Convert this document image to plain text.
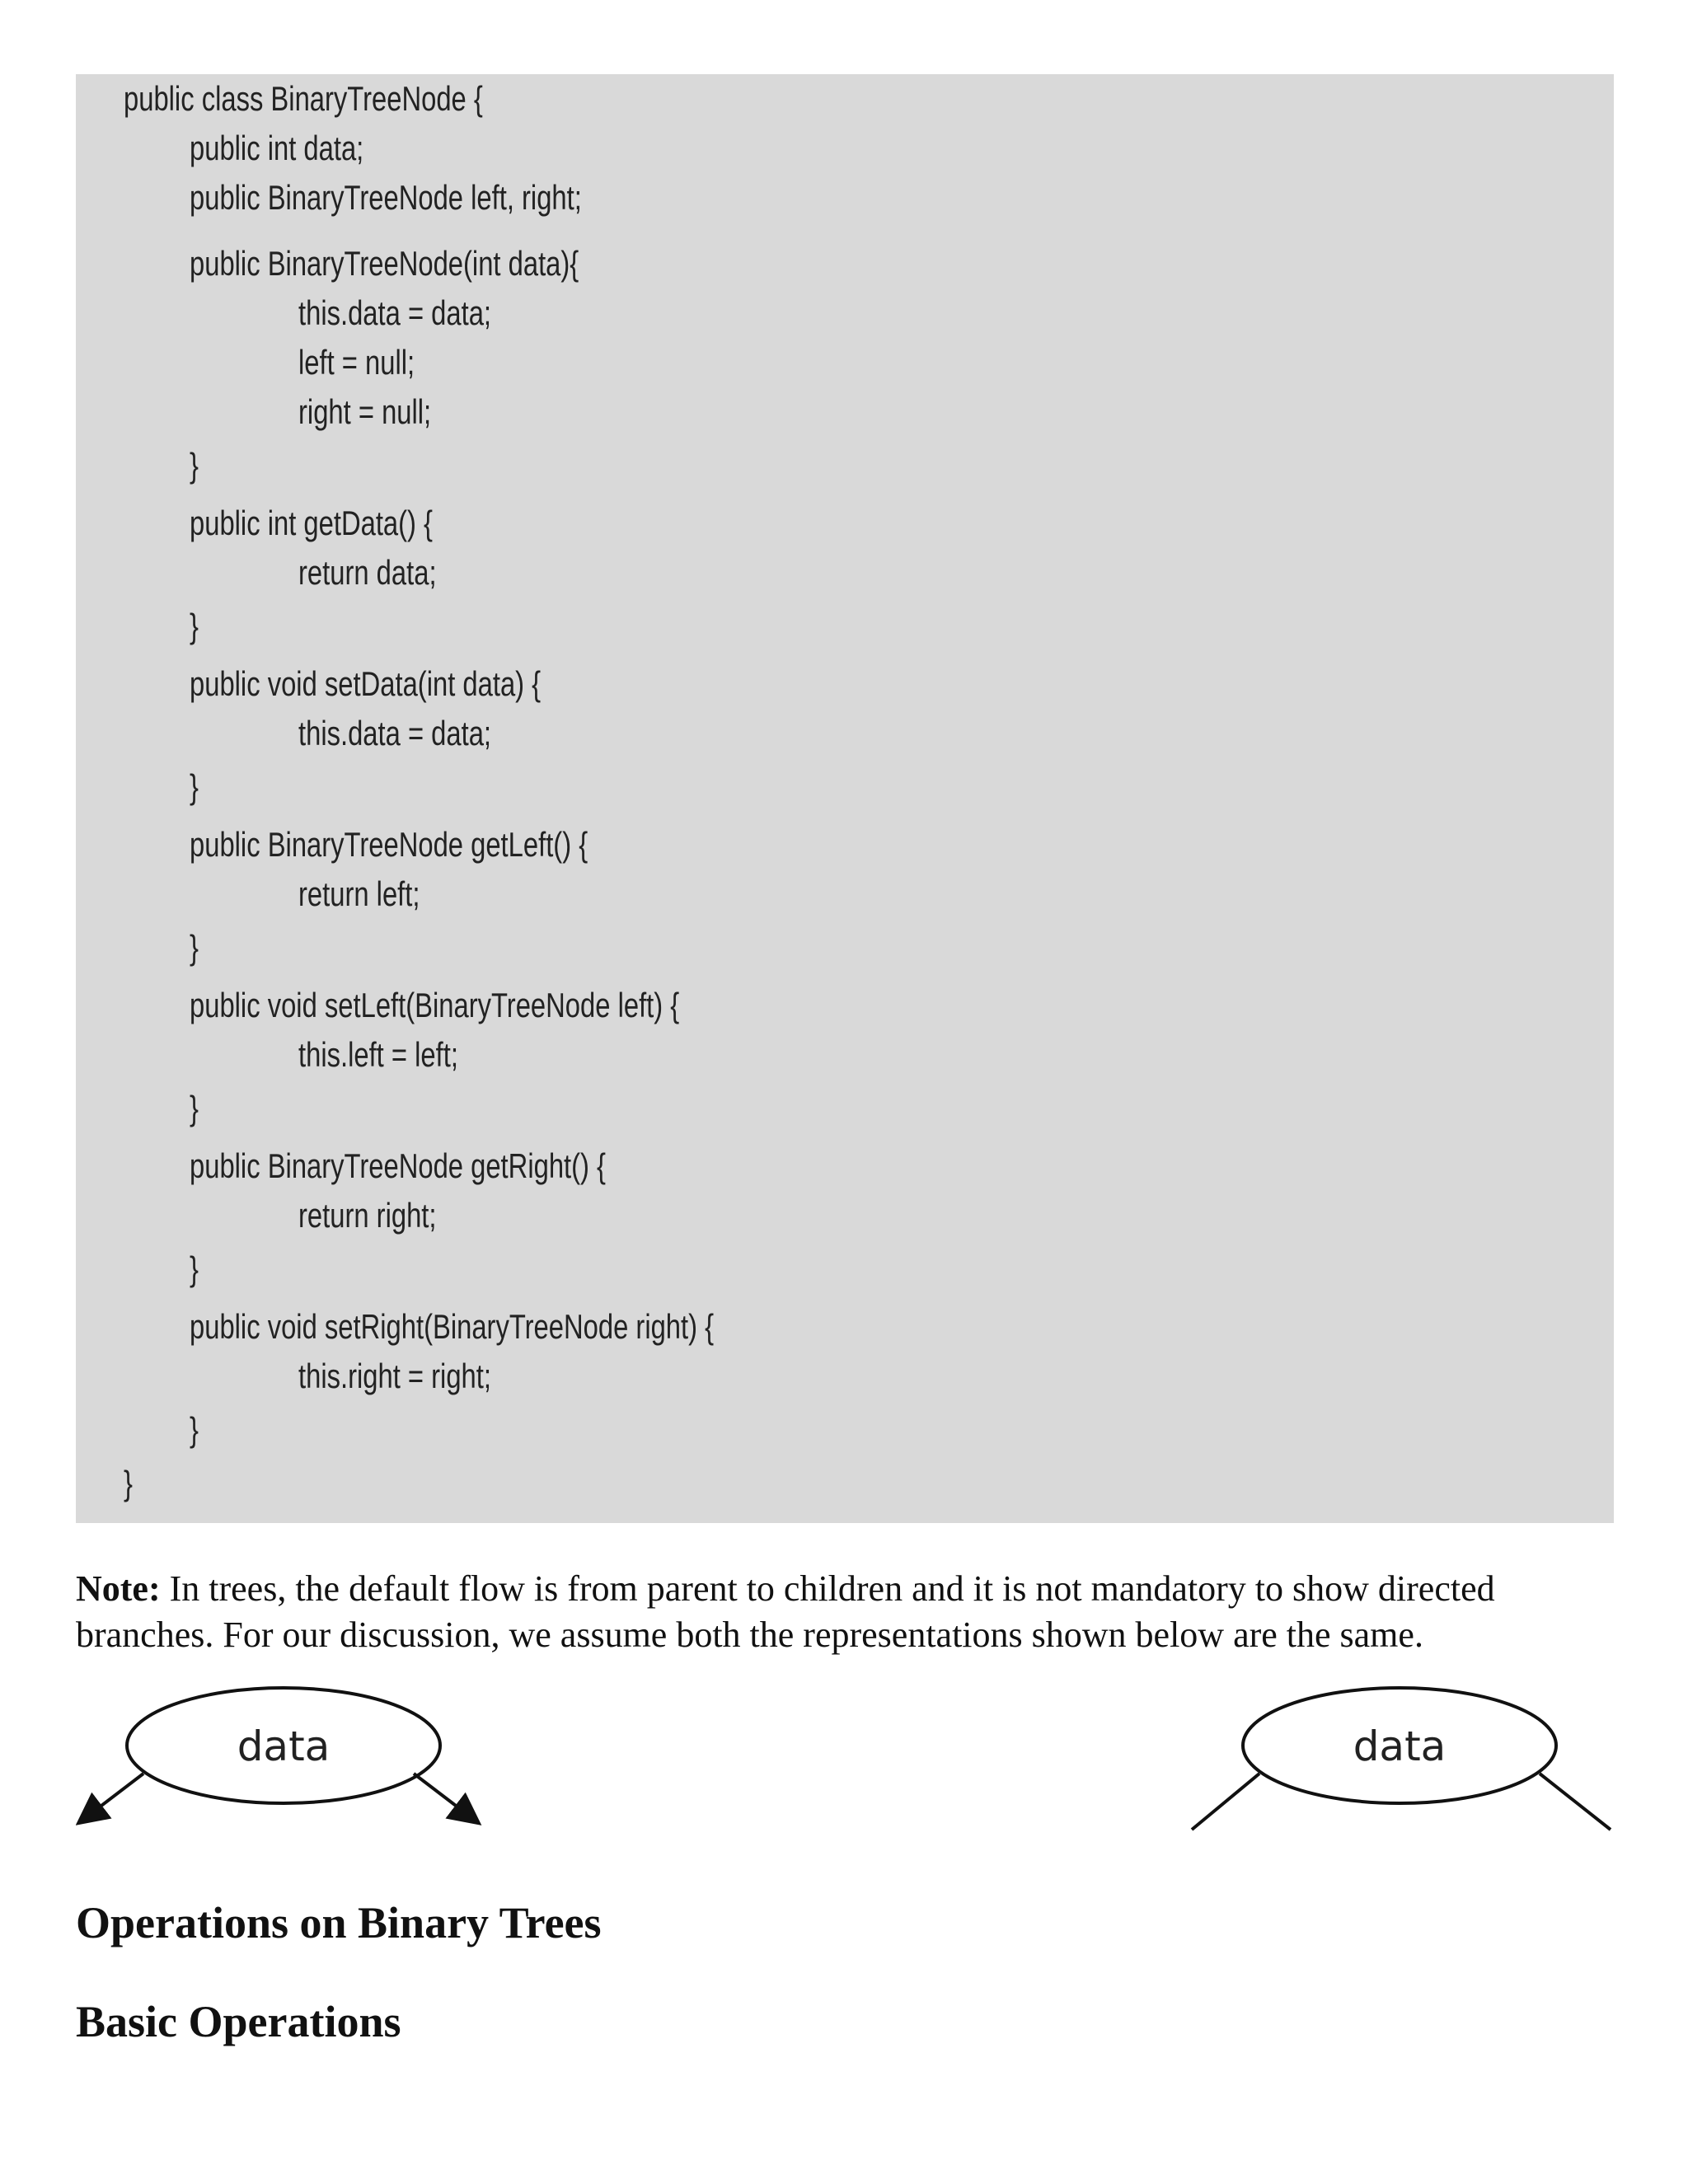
public class BinaryTreeNode {
public int data;
public BinaryTreeNode left, right;
public BinaryTreeNode(int data){
this.data = data;
left = null;
right = null;
}
public int getData() {
return data;
}
public void setData(int data) {
this.data = data;
}
public BinaryTreeNode getLeft() {
return left;
}
public void setLeft(BinaryTreeNode left) {
this.left = left;
}
public BinaryTreeNode getRight() {
return right;
}
public void setRight(BinaryTreeNode right) {
this.right = right;
}
}
Note: In trees, the default flow is from parent to children and it is not mandatory to show directed branches. For our discussion, we assume both the representations shown below are the same.
data	data
Operations on Binary Trees
Basic Operations
